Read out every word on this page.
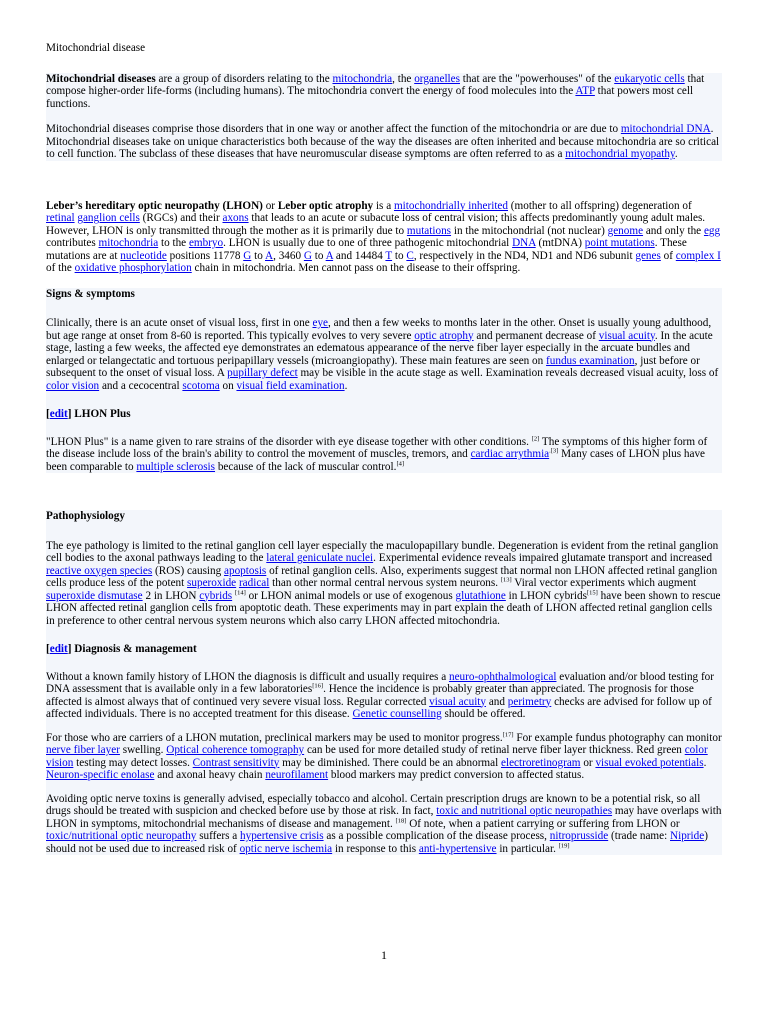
Mitochondrial disease

Mitochondrial diseases are a group of disorders relating to the mitochondria, the organelles that are the "powerhouses" of the eukaryotic cells that compose higher-order life-forms (including humans). The mitochondria convert the energy of food molecules into the ATP that powers most cell functions.

Mitochondrial diseases comprise those disorders that in one way or another affect the function of the mitochondria or are due to mitochondrial DNA. Mitochondrial diseases take on unique characteristics both because of the way the diseases are often inherited and because mitochondria are so critical to cell function. The subclass of these diseases that have neuromuscular disease symptoms are often referred to as a mitochondrial myopathy.

Leber’s hereditary optic neuropathy (LHON) or Leber optic atrophy is a mitochondrially inherited (mother to all offspring) degeneration of retinal ganglion cells (RGCs) and their axons that leads to an acute or subacute loss of central vision; this affects predominantly young adult males. However, LHON is only transmitted through the mother as it is primarily due to mutations in the mitochondrial (not nuclear) genome and only the egg contributes mitochondria to the embryo. LHON is usually due to one of three pathogenic mitochondrial DNA (mtDNA) point mutations. These mutations are at nucleotide positions 11778 G to A, 3460 G to A and 14484 T to C, respectively in the ND4, ND1 and ND6 subunit genes of complex I of the oxidative phosphorylation chain in mitochondria. Men cannot pass on the disease to their offspring.

Signs & symptoms

Clinically, there is an acute onset of visual loss, first in one eye, and then a few weeks to months later in the other. Onset is usually young adulthood, but age range at onset from 8-60 is reported. This typically evolves to very severe optic atrophy and permanent decrease of visual acuity. In the acute stage, lasting a few weeks, the affected eye demonstrates an edematous appearance of the nerve fiber layer especially in the arcuate bundles and enlarged or telangectatic and tortuous peripapillary vessels (microangiopathy). These main features are seen on fundus examination, just before or subsequent to the onset of visual loss. A pupillary defect may be visible in the acute stage as well. Examination reveals decreased visual acuity, loss of color vision and a cecocentral scotoma on visual field examination.

[edit] LHON Plus

"LHON Plus" is a name given to rare strains of the disorder with eye disease together with other conditions. [2] The symptoms of this higher form of the disease include loss of the brain's ability to control the movement of muscles, tremors, and cardiac arrythmia$^{.[3]}$ Many cases of LHON plus have been comparable to multiple sclerosis because of the lack of muscular control.[4]

Pathophysiology

The eye pathology is limited to the retinal ganglion cell layer especially the maculopapillary bundle. Degeneration is evident from the retinal ganglion cell bodies to the axonal pathways leading to the lateral geniculate nuclei. Experimental evidence reveals impaired glutamate transport and increased reactive oxygen species (ROS) causing apoptosis of retinal ganglion cells. Also, experiments suggest that normal non LHON affected retinal ganglion cells produce less of the potent superoxide radical than other normal central nervous system neurons. [13] Viral vector experiments which augment superoxide dismutase 2 in LHON cybrids [14] or LHON animal models or use of exogenous glutathione in LHON cybrids[15] have been shown to rescue LHON affected retinal ganglion cells from apoptotic death. These experiments may in part explain the death of LHON affected retinal ganglion cells in preference to other central nervous system neurons which also carry LHON affected mitochondria.

[edit] Diagnosis & management

Without a known family history of LHON the diagnosis is difficult and usually requires a neuro-ophthalmological evaluation and/or blood testing for DNA assessment that is available only in a few laboratories[16]. Hence the incidence is probably greater than appreciated. The prognosis for those affected is almost always that of continued very severe visual loss. Regular corrected visual acuity and perimetry checks are advised for follow up of affected individuals. There is no accepted treatment for this disease. Genetic counselling should be offered.

For those who are carriers of a LHON mutation, preclinical markers may be used to monitor progress.[17] For example fundus photography can monitor nerve fiber layer swelling. Optical coherence tomography can be used for more detailed study of retinal nerve fiber layer thickness. Red green color vision testing may detect losses. Contrast sensitivity may be diminished. There could be an abnormal electroretinogram or visual evoked potentials. Neuron-specific enolase and axonal heavy chain neurofilament blood markers may predict conversion to affected status.

Avoiding optic nerve toxins is generally advised, especially tobacco and alcohol. Certain prescription drugs are known to be a potential risk, so all drugs should be treated with suspicion and checked before use by those at risk. In fact, toxic and nutritional optic neuropathies may have overlaps with LHON in symptoms, mitochondrial mechanisms of disease and management. [18] Of note, when a patient carrying or suffering from LHON or toxic/nutritional optic neuropathy suffers a hypertensive crisis as a possible complication of the disease process, nitroprusside (trade name: Nipride) should not be used due to increased risk of optic nerve ischemia in response to this anti-hypertensive in particular. [19]

1
